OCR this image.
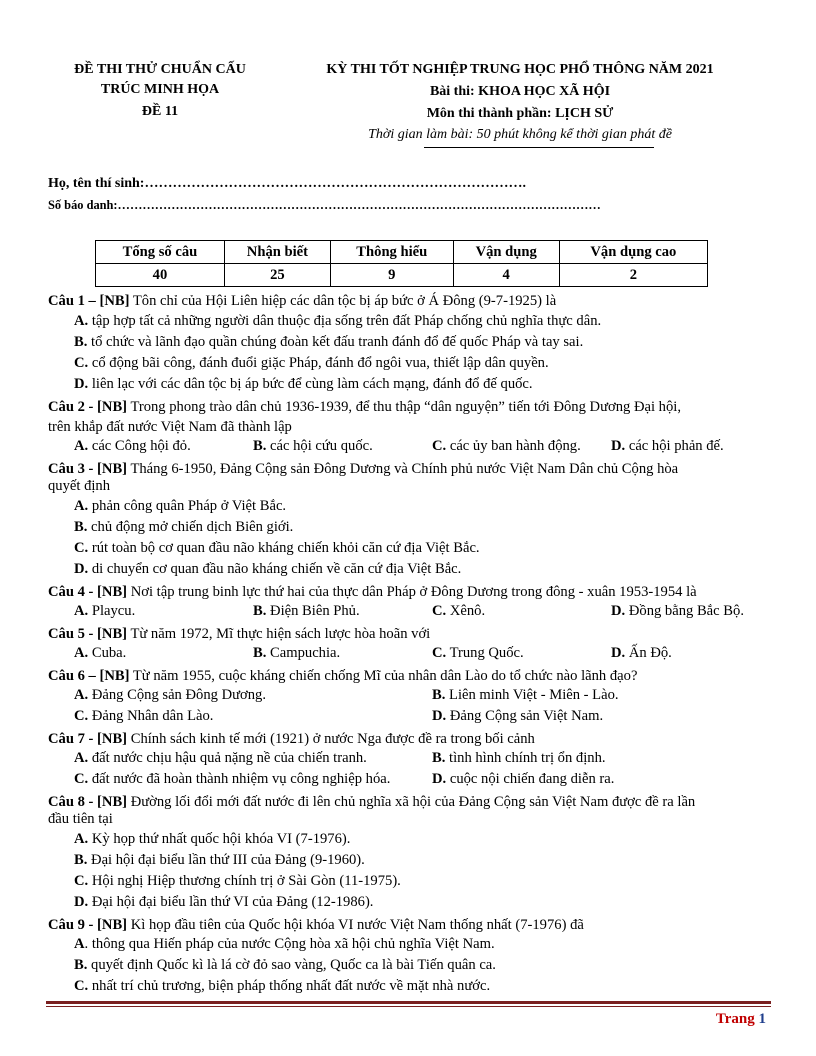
ĐỀ THI THỬ CHUẨN CẤU
TRÚC MINH HỌA
ĐỀ 11
KỲ THI TỐT NGHIỆP TRUNG HỌC PHỔ THÔNG NĂM 2021
Bài thi: KHOA HỌC XÃ HỘI
Môn thi thành phần: LỊCH SỬ
Thời gian làm bài: 50 phút không kể thời gian phát đề
Họ, tên thí sinh:……………………………………………………………………….
Số báo danh:………………………………………………………………………………………………………
Tổng số câu	Nhận biết	Thông hiểu	Vận dụng	Vận dụng cao
40	25	9	4	2
Câu 1 – [NB] Tôn chỉ của Hội Liên hiệp các dân tộc bị áp bức ở Á Đông (9-7-1925) là
A. tập hợp tất cả những người dân thuộc địa sống trên đất Pháp chống chủ nghĩa thực dân.
B. tổ chức và lãnh đạo quần chúng đoàn kết đấu tranh đánh đổ đế quốc Pháp và tay sai.
C. cổ động bãi công, đánh đuổi giặc Pháp, đánh đổ ngôi vua, thiết lập dân quyền.
D. liên lạc với các dân tộc bị áp bức để cùng làm cách mạng, đánh đổ đế quốc.
Câu 2 - [NB] Trong phong trào dân chủ 1936-1939, để thu thập “dân nguyện” tiến tới Đông Dương Đại hội,
trên khắp đất nước Việt Nam đã thành lập
A. các Công hội đỏ.	B. các hội cứu quốc.	C. các ủy ban hành động. D. các hội phản đế.
Câu 3 - [NB] Tháng 6-1950, Đảng Cộng sản Đông Dương và Chính phủ nước Việt Nam Dân chủ Cộng hòa
quyết định
A. phản công quân Pháp ở Việt Bắc.
B. chủ động mở chiến dịch Biên giới.
C. rút toàn bộ cơ quan đầu não kháng chiến khỏi căn cứ địa Việt Bắc.
D. di chuyển cơ quan đầu não kháng chiến về căn cứ địa Việt Bắc.
Câu 4 - [NB] Nơi tập trung binh lực thứ hai của thực dân Pháp ở Đông Dương trong đông - xuân 1953-1954 là
A. Playcu.	B. Điện Biên Phủ.	C. Xênô.	D. Đồng bằng Bắc Bộ.
Câu 5 - [NB] Từ năm 1972, Mĩ thực hiện sách lược hòa hoãn với
A. Cuba.	B. Campuchia.	C. Trung Quốc.	D. Ấn Độ.
Câu 6 – [NB] Từ năm 1955, cuộc kháng chiến chống Mĩ của nhân dân Lào do tổ chức nào lãnh đạo?
A. Đảng Cộng sản Đông Dương.	B. Liên minh Việt - Miên - Lào.
C. Đảng Nhân dân Lào.	D. Đảng Cộng sản Việt Nam.
Câu 7 - [NB] Chính sách kinh tế mới (1921) ở nước Nga được đề ra trong bối cảnh
A. đất nước chịu hậu quả nặng nề của chiến tranh.	B. tình hình chính trị ổn định.
C. đất nước đã hoàn thành nhiệm vụ công nghiệp hóa.	D. cuộc nội chiến đang diễn ra.
Câu 8 - [NB] Đường lối đổi mới đất nước đi lên chủ nghĩa xã hội của Đảng Cộng sản Việt Nam được đề ra lần
đầu tiên tại
A. Kỳ họp thứ nhất quốc hội khóa VI (7-1976).
B. Đại hội đại biểu lần thứ III của Đảng (9-1960).
C. Hội nghị Hiệp thương chính trị ở Sài Gòn (11-1975).
D. Đại hội đại biểu lần thứ VI của Đảng (12-1986).
Câu 9 - [NB] Kì họp đầu tiên của Quốc hội khóa VI nước Việt Nam thống nhất (7-1976) đã
A. thông qua Hiến pháp của nước Cộng hòa xã hội chủ nghĩa Việt Nam.
B. quyết định Quốc kì là lá cờ đỏ sao vàng, Quốc ca là bài Tiến quân ca.
C. nhất trí chủ trương, biện pháp thống nhất đất nước về mặt nhà nước.
Trang 1
